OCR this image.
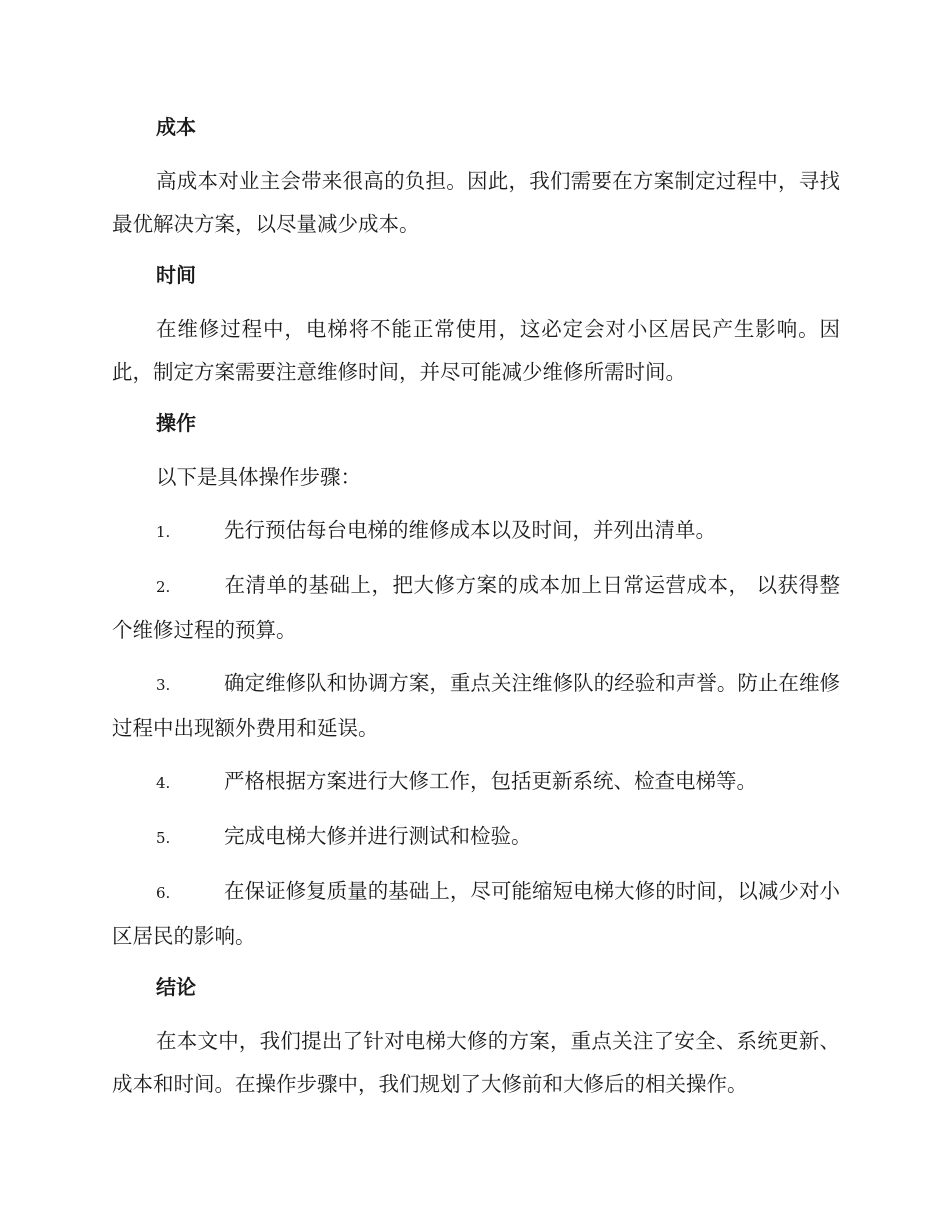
成本

高成本对业主会带来很高的负担。因此，我们需要在方案制定过程中，寻找最优解决方案，以尽量减少成本。

时间

在维修过程中，电梯将不能正常使用，这必定会对小区居民产生影响。因此，制定方案需要注意维修时间，并尽可能减少维修所需时间。

操作

以下是具体操作步骤：

1.	先行预估每台电梯的维修成本以及时间，并列出清单。

2.	在清单的基础上，把大修方案的成本加上日常运营成本， 以获得整个维修过程的预算。

3.	确定维修队和协调方案，重点关注维修队的经验和声誉。防止在维修过程中出现额外费用和延误。

4.	严格根据方案进行大修工作，包括更新系统、检查电梯等。

5.	完成电梯大修并进行测试和检验。

6.	在保证修复质量的基础上，尽可能缩短电梯大修的时间，以减少对小区居民的影响。

结论

在本文中，我们提出了针对电梯大修的方案，重点关注了安全、系统更新、成本和时间。在操作步骤中，我们规划了大修前和大修后的相关操作。
